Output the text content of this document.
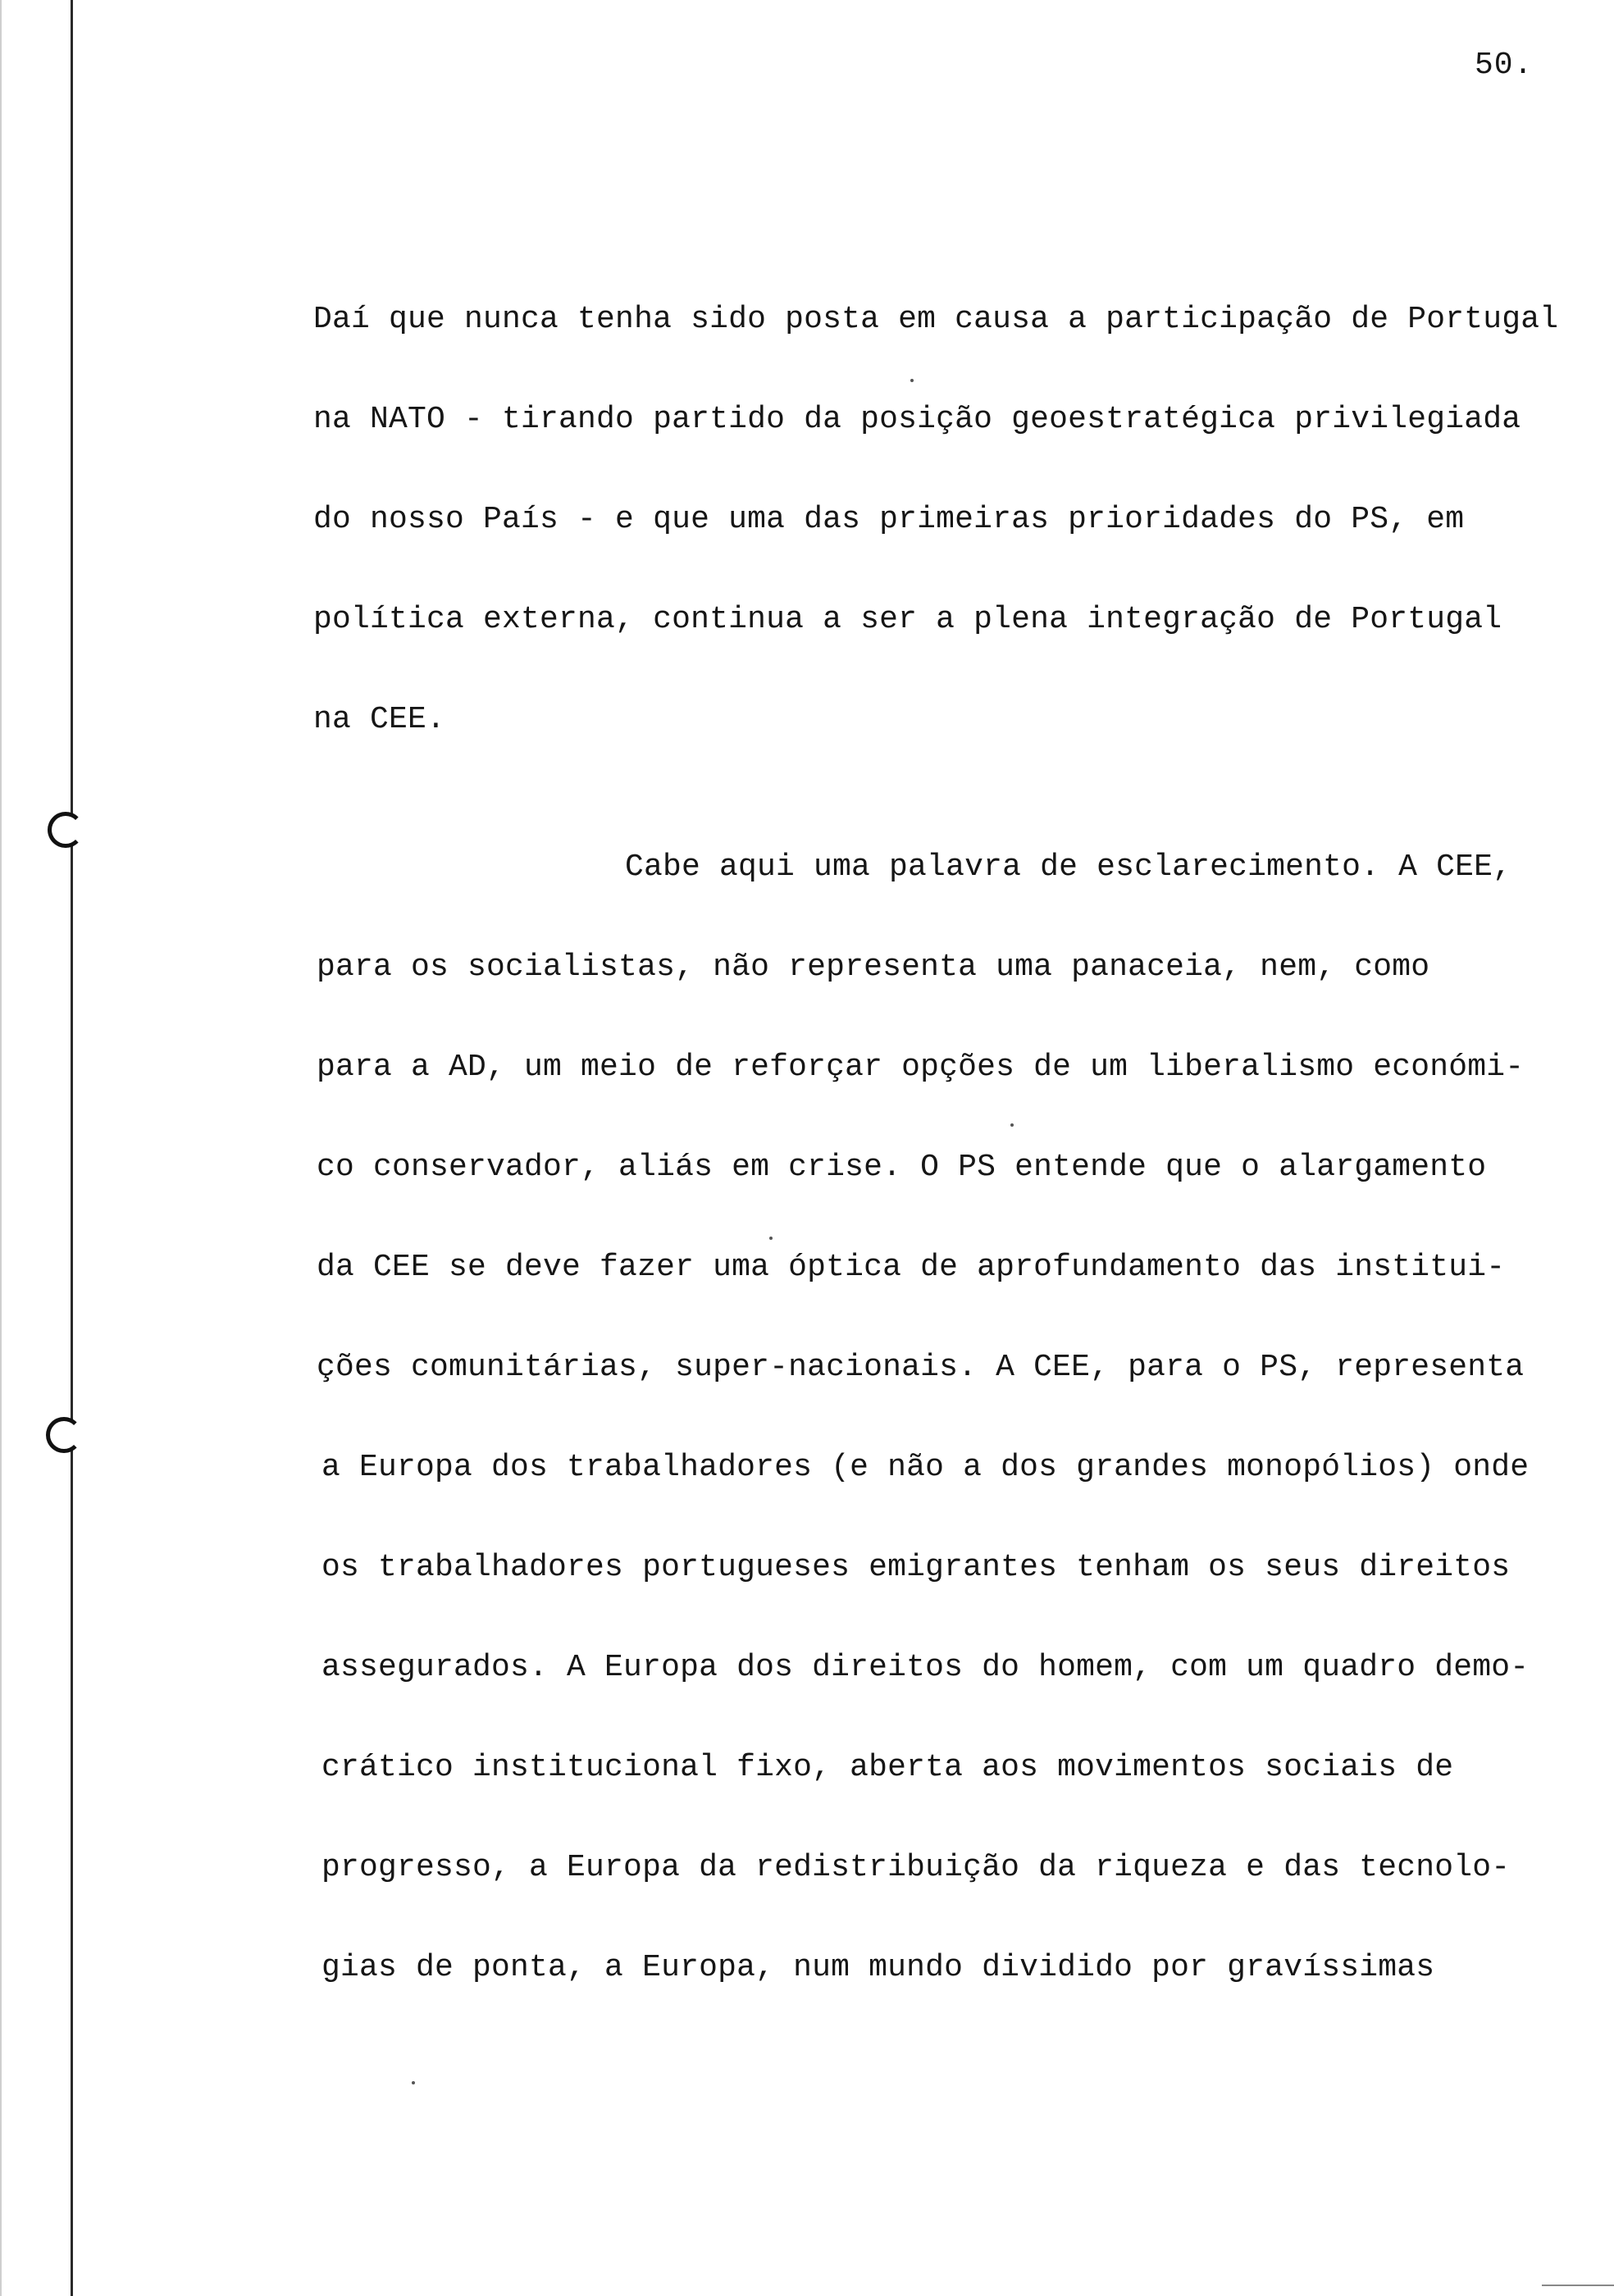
50.
Daí que nunca tenha sido posta em causa a participação de Portugal
na NATO - tirando partido da posição geoestratégica privilegiada
do nosso País - e que uma das primeiras prioridades do PS, em
política externa, continua a ser a plena integração de Portugal
na CEE.
Cabe aqui uma palavra de esclarecimento. A CEE,
para os socialistas, não representa uma panaceia, nem, como
para a AD, um meio de reforçar opções de um liberalismo económi-
co conservador, aliás em crise. O PS entende que o alargamento
da CEE se deve fazer uma óptica de aprofundamento das institui-
ções comunitárias, super-nacionais. A CEE, para o PS, representa
a Europa dos trabalhadores (e não a dos grandes monopólios) onde
os trabalhadores portugueses emigrantes tenham os seus direitos
assegurados. A Europa dos direitos do homem, com um quadro demo-
crático institucional fixo, aberta aos movimentos sociais de
progresso, a Europa da redistribuição da riqueza e das tecnolo-
gias de ponta, a Europa, num mundo dividido por gravíssimas
